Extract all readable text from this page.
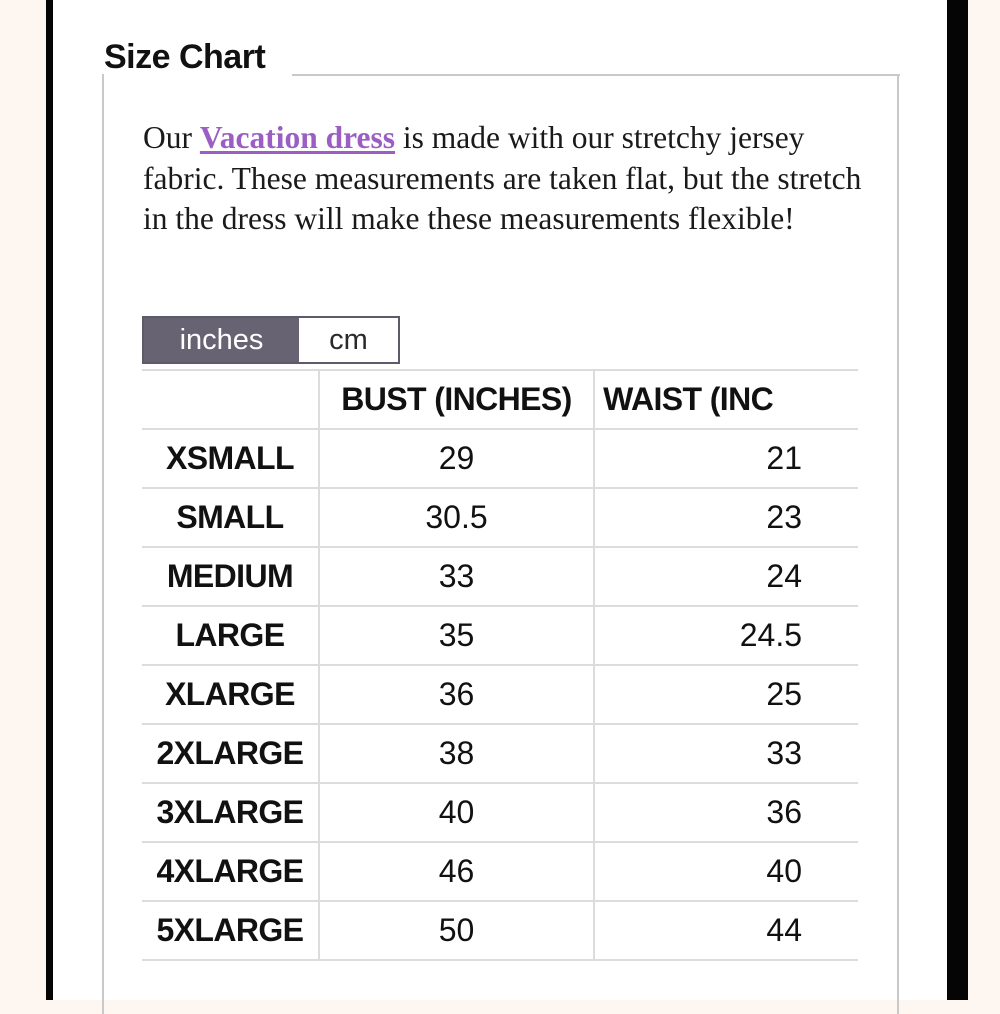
Size Chart

Our Vacation dress is made with our stretchy jersey fabric. These measurements are taken flat, but the stretch in the dress will make these measurements flexible!

inches	cm
	BUST (INCHES)	WAIST (INC
XSMALL	29	21
SMALL	30.5	23
MEDIUM	33	24
LARGE	35	24.5
XLARGE	36	25
2XLARGE	38	33
3XLARGE	40	36
4XLARGE	46	40
5XLARGE	50	44
